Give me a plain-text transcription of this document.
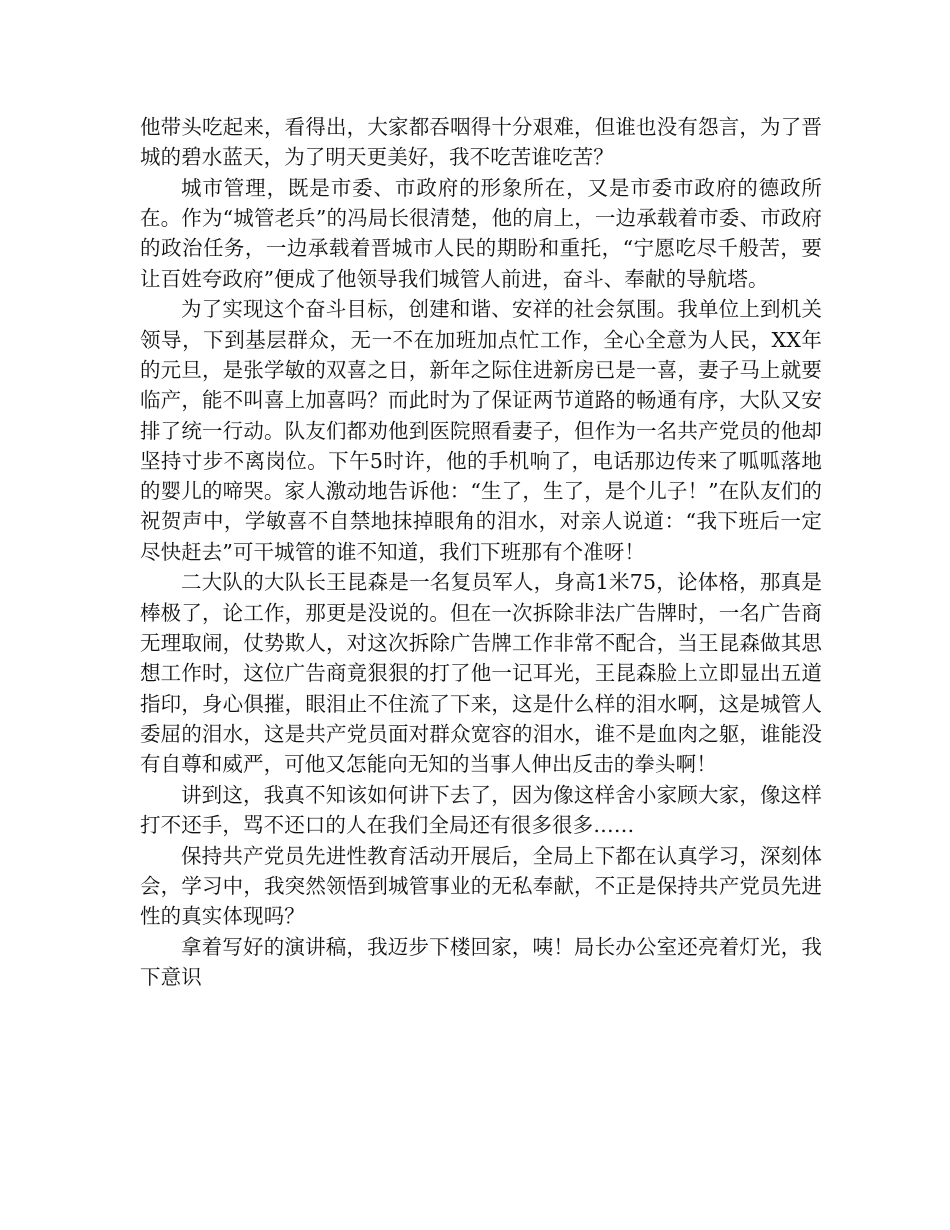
他带头吃起来，看得出，大家都吞咽得十分艰难，但谁也没有怨言，为了晋城的碧水蓝天，为了明天更美好，我不吃苦谁吃苦？

城市管理，既是市委、市政府的形象所在，又是市委市政府的德政所在。作为“城管老兵”的冯局长很清楚，他的肩上，一边承载着市委、市政府的政治任务，一边承载着晋城市人民的期盼和重托，“宁愿吃尽千般苦，要让百姓夸政府”便成了他领导我们城管人前进，奋斗、奉献的导航塔。

为了实现这个奋斗目标，创建和谐、安祥的社会氛围。我单位上到机关领导，下到基层群众，无一不在加班加点忙工作，全心全意为人民，XX年的元旦，是张学敏的双喜之日，新年之际住进新房已是一喜，妻子马上就要临产，能不叫喜上加喜吗？而此时为了保证两节道路的畅通有序，大队又安排了统一行动。队友们都劝他到医院照看妻子，但作为一名共产党员的他却坚持寸步不离岗位。下午5时许，他的手机响了，电话那边传来了呱呱落地的婴儿的啼哭。家人激动地告诉他：“生了，生了，是个儿子！”在队友们的祝贺声中，学敏喜不自禁地抹掉眼角的泪水，对亲人说道：“我下班后一定尽快赶去”可干城管的谁不知道，我们下班那有个准呀！

二大队的大队长王昆森是一名复员军人，身高1米75，论体格，那真是棒极了，论工作，那更是没说的。但在一次拆除非法广告牌时，一名广告商无理取闹，仗势欺人，对这次拆除广告牌工作非常不配合，当王昆森做其思想工作时，这位广告商竟狠狠的打了他一记耳光，王昆森脸上立即显出五道指印，身心俱摧，眼泪止不住流了下来，这是什么样的泪水啊，这是城管人委屈的泪水，这是共产党员面对群众宽容的泪水，谁不是血肉之躯，谁能没有自尊和威严，可他又怎能向无知的当事人伸出反击的拳头啊！

讲到这，我真不知该如何讲下去了，因为像这样舍小家顾大家，像这样打不还手，骂不还口的人在我们全局还有很多很多……

保持共产党员先进性教育活动开展后，全局上下都在认真学习，深刻体会，学习中，我突然领悟到城管事业的无私奉献，不正是保持共产党员先进性的真实体现吗？

拿着写好的演讲稿，我迈步下楼回家，咦！局长办公室还亮着灯光，我下意识
